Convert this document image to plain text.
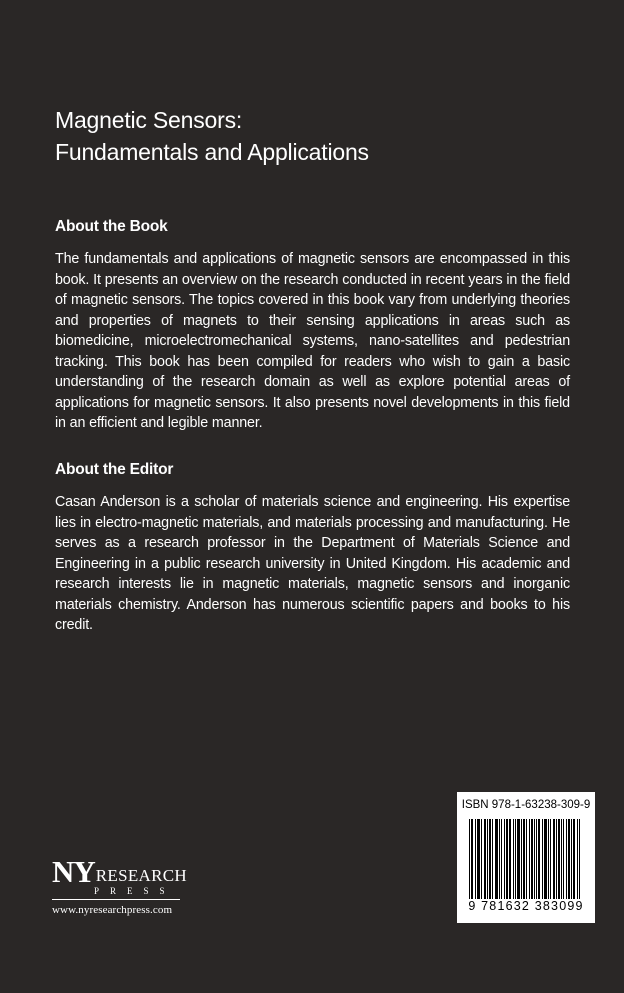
Magnetic Sensors:
Fundamentals and Applications
About the Book
The fundamentals and applications of magnetic sensors are encompassed in this book. It presents an overview on the research conducted in recent years in the field of magnetic sensors. The topics covered in this book vary from underlying theories and properties of magnets to their sensing applications in areas such as biomedicine, microelectromechanical systems, nano-satellites and pedestrian tracking. This book has been compiled for readers who wish to gain a basic understanding of the research domain as well as explore potential areas of applications for magnetic sensors. It also presents novel developments in this field in an efficient and legible manner.
About the Editor
Casan Anderson is a scholar of materials science and engineering. His expertise lies in electro-magnetic materials, and materials processing and manufacturing. He serves as a research professor in the Department of Materials Science and Engineering in a public research university in United Kingdom. His academic and research interests lie in magnetic materials, magnetic sensors and inorganic materials chemistry. Anderson has numerous scientific papers and books to his credit.
NY RESEARCH
PRESS
www.nyresearchpress.com
ISBN 978-1-63238-309-9
9 781632 383099
